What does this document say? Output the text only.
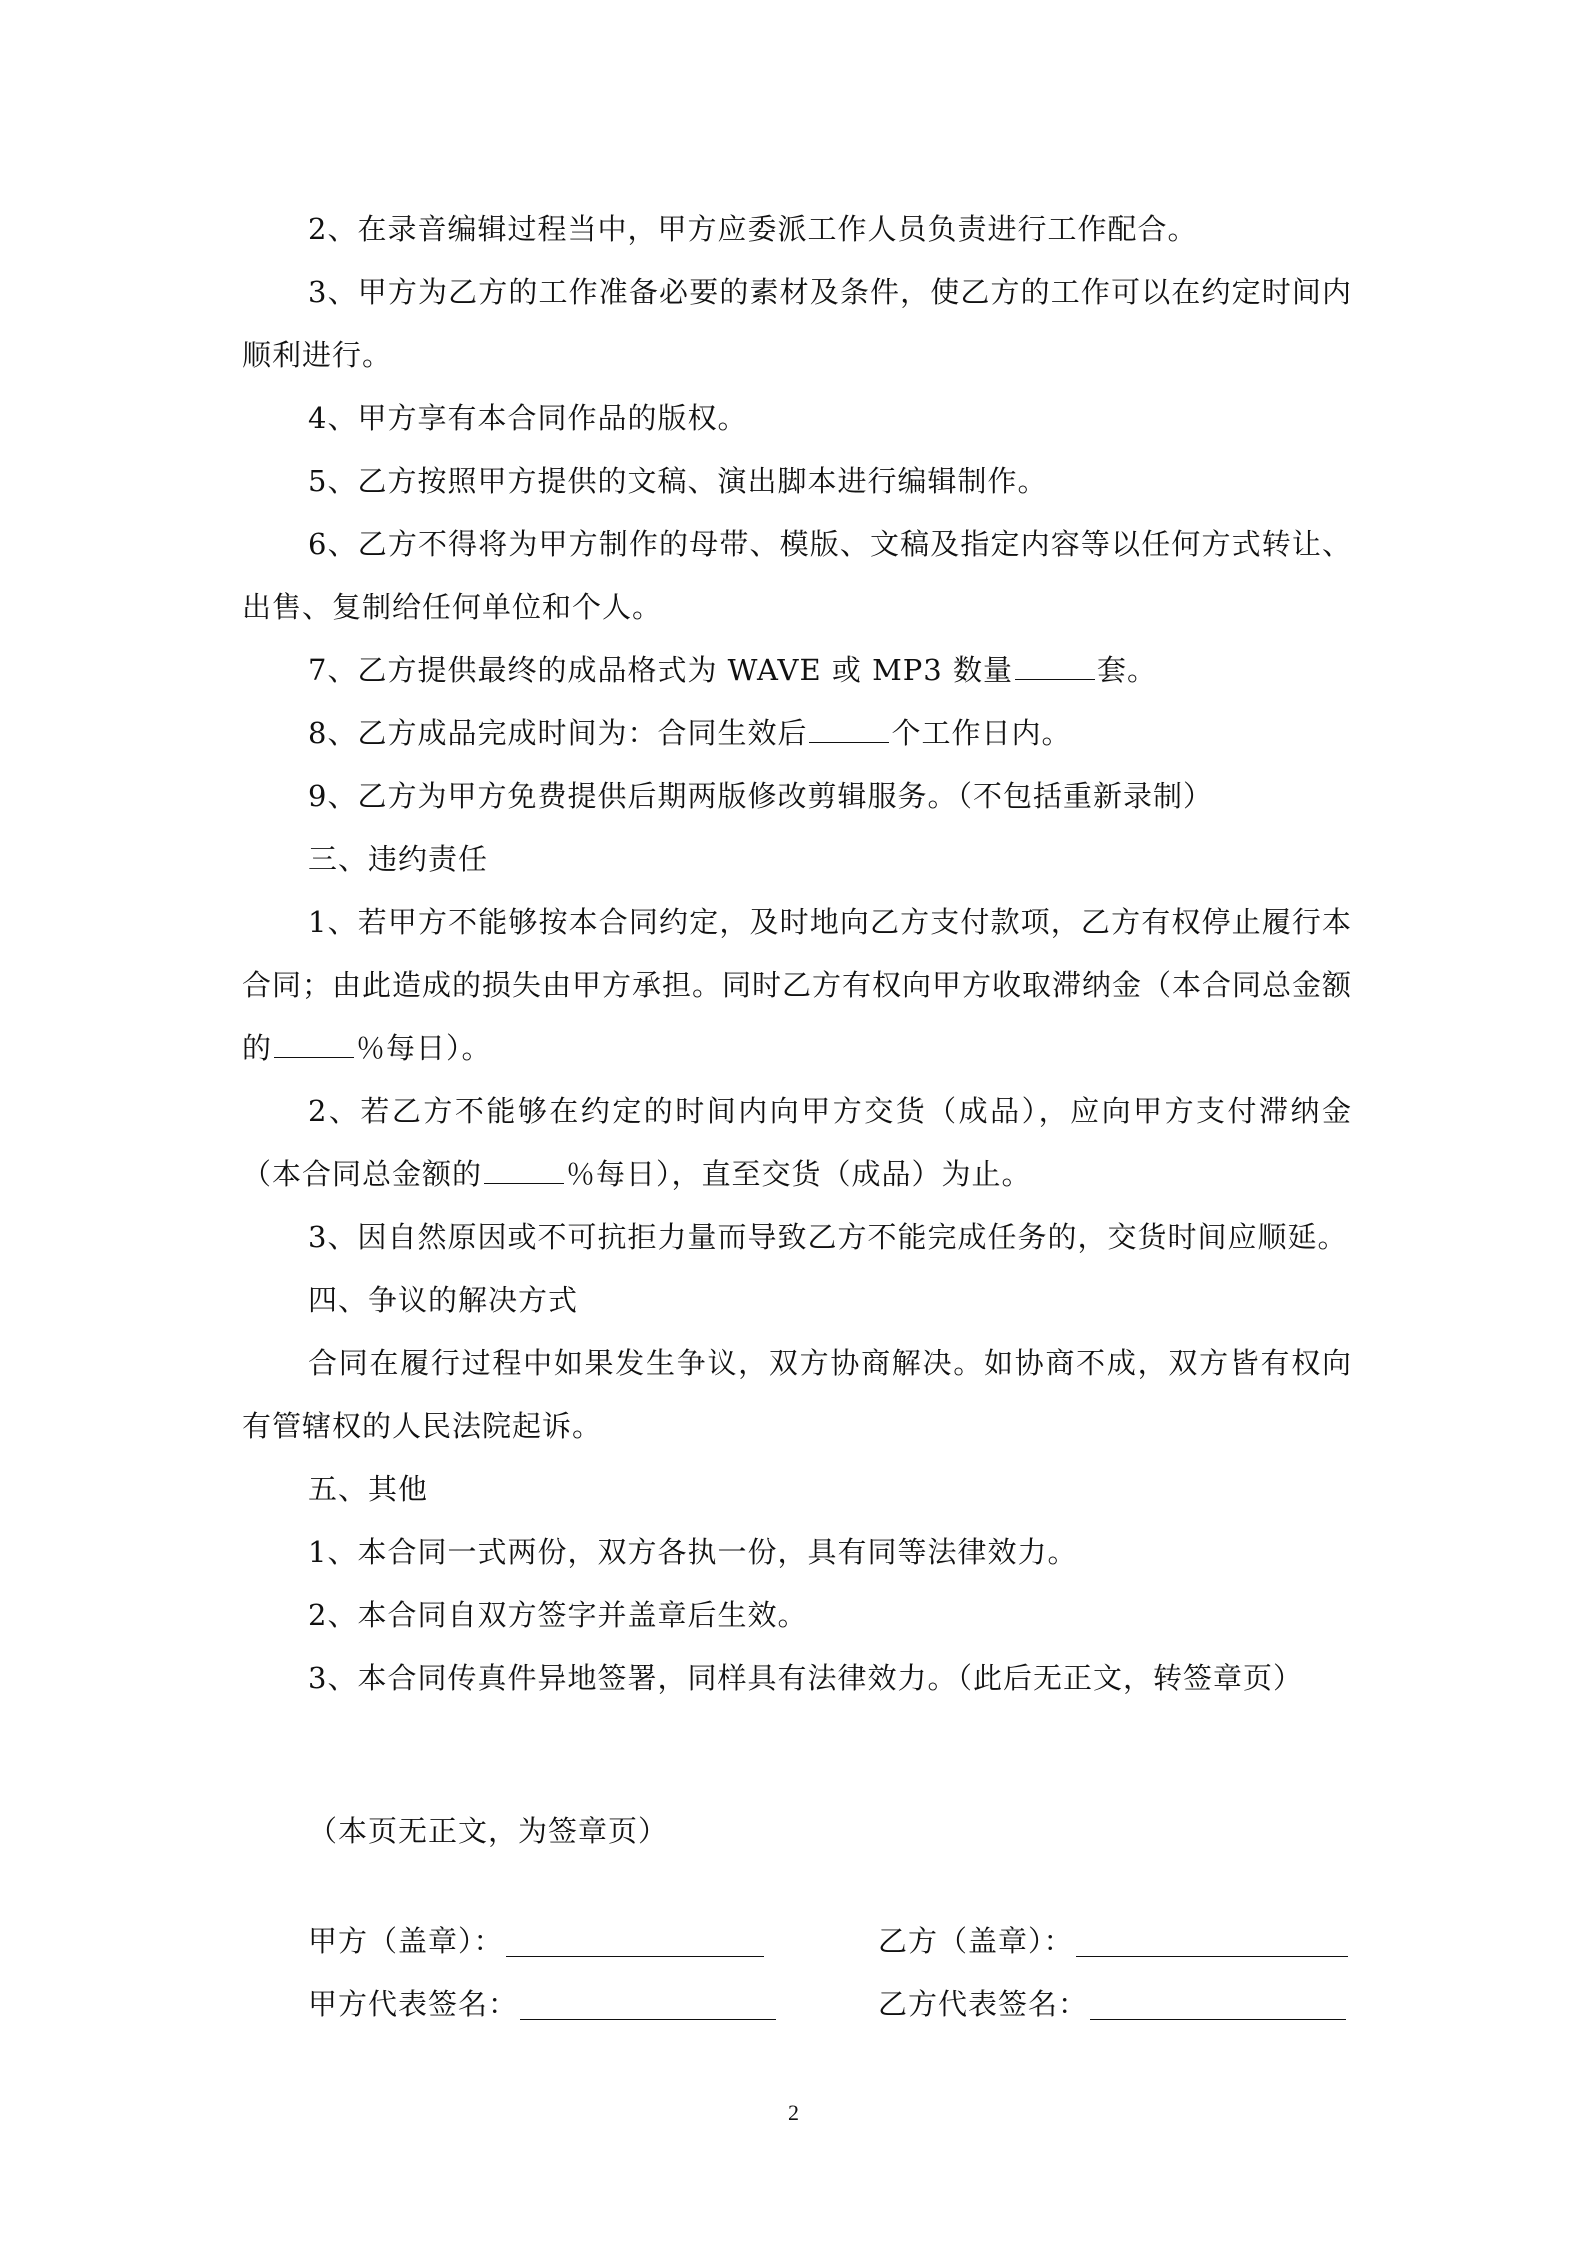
2、在录音编辑过程当中，甲方应委派工作人员负责进行工作配合。

3、甲方为乙方的工作准备必要的素材及条件，使乙方的工作可以在约定时间内顺利进行。

4、甲方享有本合同作品的版权。

5、乙方按照甲方提供的文稿、演出脚本进行编辑制作。

6、乙方不得将为甲方制作的母带、模版、文稿及指定内容等以任何方式转让、出售、复制给任何单位和个人。

7、乙方提供最终的成品格式为 WAVE 或 MP3 数量	套。

8、乙方成品完成时间为：合同生效后	个工作日内。

9、乙方为甲方免费提供后期两版修改剪辑服务。（不包括重新录制）

三、违约责任

1、若甲方不能够按本合同约定，及时地向乙方支付款项，乙方有权停止履行本合同；由此造成的损失由甲方承担。同时乙方有权向甲方收取滞纳金（本合同总金额的	％每日）。

2、若乙方不能够在约定的时间内向甲方交货（成品），应向甲方支付滞纳金（本合同总金额的	％每日），直至交货（成品）为止。

3、因自然原因或不可抗拒力量而导致乙方不能完成任务的，交货时间应顺延。

四、争议的解决方式

合同在履行过程中如果发生争议，双方协商解决。如协商不成，双方皆有权向有管辖权的人民法院起诉。

五、其他

1、本合同一式两份，双方各执一份，具有同等法律效力。

2、本合同自双方签字并盖章后生效。

3、本合同传真件异地签署，同样具有法律效力。（此后无正文，转签章页）

（本页无正文，为签章页）
甲方（盖章）：	乙方（盖章）：
甲方代表签名：	乙方代表签名：
2
